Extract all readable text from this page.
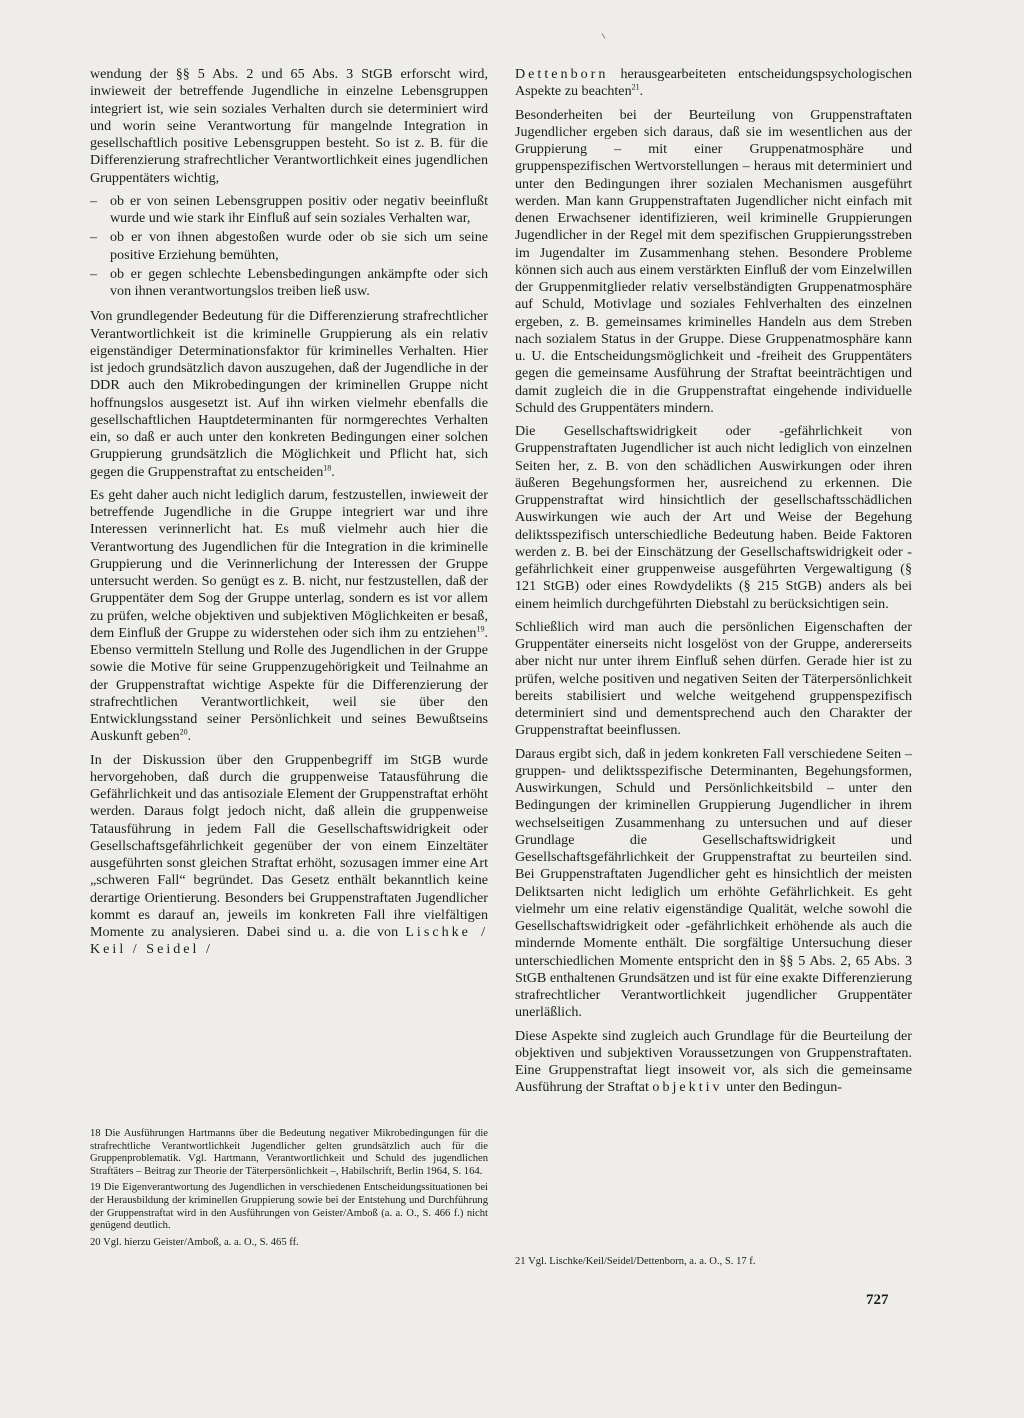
wendung der §§ 5 Abs. 2 und 65 Abs. 3 StGB erforscht wird, inwieweit der betreffende Jugendliche in einzelne Lebensgruppen integriert ist, wie sein soziales Verhalten durch sie determiniert wird und worin seine Verantwortung für mangelnde Integration in gesellschaftlich positive Lebensgruppen besteht. So ist z. B. für die Differenzierung strafrechtlicher Verantwortlichkeit eines jugendlichen Gruppentäters wichtig,

– ob er von seinen Lebensgruppen positiv oder negativ beeinflußt wurde und wie stark ihr Einfluß auf sein soziales Verhalten war,
– ob er von ihnen abgestoßen wurde oder ob sie sich um seine positive Erziehung bemühten,
– ob er gegen schlechte Lebensbedingungen ankämpfte oder sich von ihnen verantwortungslos treiben ließ usw.

Von grundlegender Bedeutung für die Differenzierung strafrechtlicher Verantwortlichkeit ist die kriminelle Gruppierung als ein relativ eigenständiger Determinationsfaktor für kriminelles Verhalten. Hier ist jedoch grundsätzlich davon auszugehen, daß der Jugendliche in der DDR auch den Mikrobedingungen der kriminellen Gruppe nicht hoffnungslos ausgesetzt ist. Auf ihn wirken vielmehr ebenfalls die gesellschaftlichen Hauptdeterminanten für normgerechtes Verhalten ein, so daß er auch unter den konkreten Bedingungen einer solchen Gruppierung grundsätzlich die Möglichkeit und Pflicht hat, sich gegen die Gruppenstraftat zu entscheiden$^{18}$.

Es geht daher auch nicht lediglich darum, festzustellen, inwieweit der betreffende Jugendliche in die Gruppe integriert war und ihre Interessen verinnerlicht hat. Es muß vielmehr auch hier die Verantwortung des Jugendlichen für die Integration in die kriminelle Gruppierung und die Verinnerlichung der Interessen der Gruppe untersucht werden. So genügt es z. B. nicht, nur festzustellen, daß der Gruppentäter dem Sog der Gruppe unterlag, sondern es ist vor allem zu prüfen, welche objektiven und subjektiven Möglichkeiten er besaß, dem Einfluß der Gruppe zu widerstehen oder sich ihm zu entziehen$^{19}$. Ebenso vermitteln Stellung und Rolle des Jugendlichen in der Gruppe sowie die Motive für seine Gruppenzugehörigkeit und Teilnahme an der Gruppenstraftat wichtige Aspekte für die Differenzierung der strafrechtlichen Verantwortlichkeit, weil sie über den Entwicklungsstand seiner Persönlichkeit und seines Bewußtseins Auskunft geben$^{20}$.

In der Diskussion über den Gruppenbegriff im StGB wurde hervorgehoben, daß durch die gruppenweise Tatausführung die Gefährlichkeit und das antisoziale Element der Gruppenstraftat erhöht werden. Daraus folgt jedoch nicht, daß allein die gruppenweise Tatausführung in jedem Fall die Gesellschaftswidrigkeit oder Gesellschaftsgefährlichkeit gegenüber der von einem Einzeltäter ausgeführten sonst gleichen Straftat erhöht, sozusagen immer eine Art „schweren Fall“ begründet. Das Gesetz enthält bekanntlich keine derartige Orientierung. Besonders bei Gruppenstraftaten Jugendlicher kommt es darauf an, jeweils im konkreten Fall ihre vielfältigen Momente zu analysieren. Dabei sind u. a. die von Lischke / Keil / Seidel /

Dettenborn herausgearbeiteten entscheidungspsychologischen Aspekte zu beachten$^{21}$.

Besonderheiten bei der Beurteilung von Gruppenstraftaten Jugendlicher ergeben sich daraus, daß sie im wesentlichen aus der Gruppierung – mit einer Gruppenatmosphäre und gruppenspezifischen Wertvorstellungen – heraus mit determiniert und unter den Bedingungen ihrer sozialen Mechanismen ausgeführt werden. Man kann Gruppenstraftaten Jugendlicher nicht einfach mit denen Erwachsener identifizieren, weil kriminelle Gruppierungen Jugendlicher in der Regel mit dem spezifischen Gruppierungsstreben im Jugendalter im Zusammenhang stehen. Besondere Probleme können sich auch aus einem verstärkten Einfluß der vom Einzelwillen der Gruppenmitglieder relativ verselbständigten Gruppenatmosphäre auf Schuld, Motivlage und soziales Fehlverhalten des einzelnen ergeben, z. B. gemeinsames kriminelles Handeln aus dem Streben nach sozialem Status in der Gruppe. Diese Gruppenatmosphäre kann u. U. die Entscheidungsmöglichkeit und -freiheit des Gruppentäters gegen die gemeinsame Ausführung der Straftat beeinträchtigen und damit zugleich die in die Gruppenstraftat eingehende individuelle Schuld des Gruppentäters mindern.

Die Gesellschaftswidrigkeit oder -gefährlichkeit von Gruppenstraftaten Jugendlicher ist auch nicht lediglich von einzelnen Seiten her, z. B. von den schädlichen Auswirkungen oder ihren äußeren Begehungsformen her, ausreichend zu erkennen. Die Gruppenstraftat wird hinsichtlich der gesellschaftsschädlichen Auswirkungen wie auch der Art und Weise der Begehung deliktsspezifisch unterschiedliche Bedeutung haben. Beide Faktoren werden z. B. bei der Einschätzung der Gesellschaftswidrigkeit oder -gefährlichkeit einer gruppenweise ausgeführten Vergewaltigung (§ 121 StGB) oder eines Rowdydelikts (§ 215 StGB) anders als bei einem heimlich durchgeführten Diebstahl zu berücksichtigen sein.

Schließlich wird man auch die persönlichen Eigenschaften der Gruppentäter einerseits nicht losgelöst von der Gruppe, andererseits aber nicht nur unter ihrem Einfluß sehen dürfen. Gerade hier ist zu prüfen, welche positiven und negativen Seiten der Täterpersönlichkeit bereits stabilisiert und welche weitgehend gruppenspezifisch determiniert sind und dementsprechend auch den Charakter der Gruppenstraftat beeinflussen.

Daraus ergibt sich, daß in jedem konkreten Fall verschiedene Seiten – gruppen- und deliktsspezifische Determinanten, Begehungsformen, Auswirkungen, Schuld und Persönlichkeitsbild – unter den Bedingungen der kriminellen Gruppierung Jugendlicher in ihrem wechselseitigen Zusammenhang zu untersuchen und auf dieser Grundlage die Gesellschaftswidrigkeit und Gesellschaftsgefährlichkeit der Gruppenstraftat zu beurteilen sind. Bei Gruppenstraftaten Jugendlicher geht es hinsichtlich der meisten Deliktsarten nicht lediglich um erhöhte Gefährlichkeit. Es geht vielmehr um eine relativ eigenständige Qualität, welche sowohl die Gesellschaftswidrigkeit oder -gefährlichkeit erhöhende als auch die mindernde Momente enthält. Die sorgfältige Untersuchung dieser unterschiedlichen Momente entspricht den in §§ 5 Abs. 2, 65 Abs. 3 StGB enthaltenen Grundsätzen und ist für eine exakte Differenzierung strafrechtlicher Verantwortlichkeit jugendlicher Gruppentäter unerläßlich.

Diese Aspekte sind zugleich auch Grundlage für die Beurteilung der objektiven und subjektiven Voraussetzungen von Gruppenstraftaten. Eine Gruppenstraftat liegt insoweit vor, als sich die gemeinsame Ausführung der Straftat objektiv unter den Bedingun-

18 Die Ausführungen Hartmanns über die Bedeutung negativer Mikrobedingungen für die strafrechtliche Verantwortlichkeit Jugendlicher gelten grundsätzlich auch für die Gruppenproblematik. Vgl. Hartmann, Verantwortlichkeit und Schuld des jugendlichen Straftäters – Beitrag zur Theorie der Täterpersönlichkeit –, Habilschrift, Berlin 1964, S. 164.

19 Die Eigenverantwortung des Jugendlichen in verschiedenen Entscheidungssituationen bei der Herausbildung der kriminellen Gruppierung sowie bei der Entstehung und Durchführung der Gruppenstraftat wird in den Ausführungen von Geister/Amboß (a. a. O., S. 466 f.) nicht genügend deutlich.

20 Vgl. hierzu Geister/Amboß, a. a. O., S. 465 ff.

21 Vgl. Lischke/Keil/Seidel/Dettenborn, a. a. O., S. 17 f.

727
